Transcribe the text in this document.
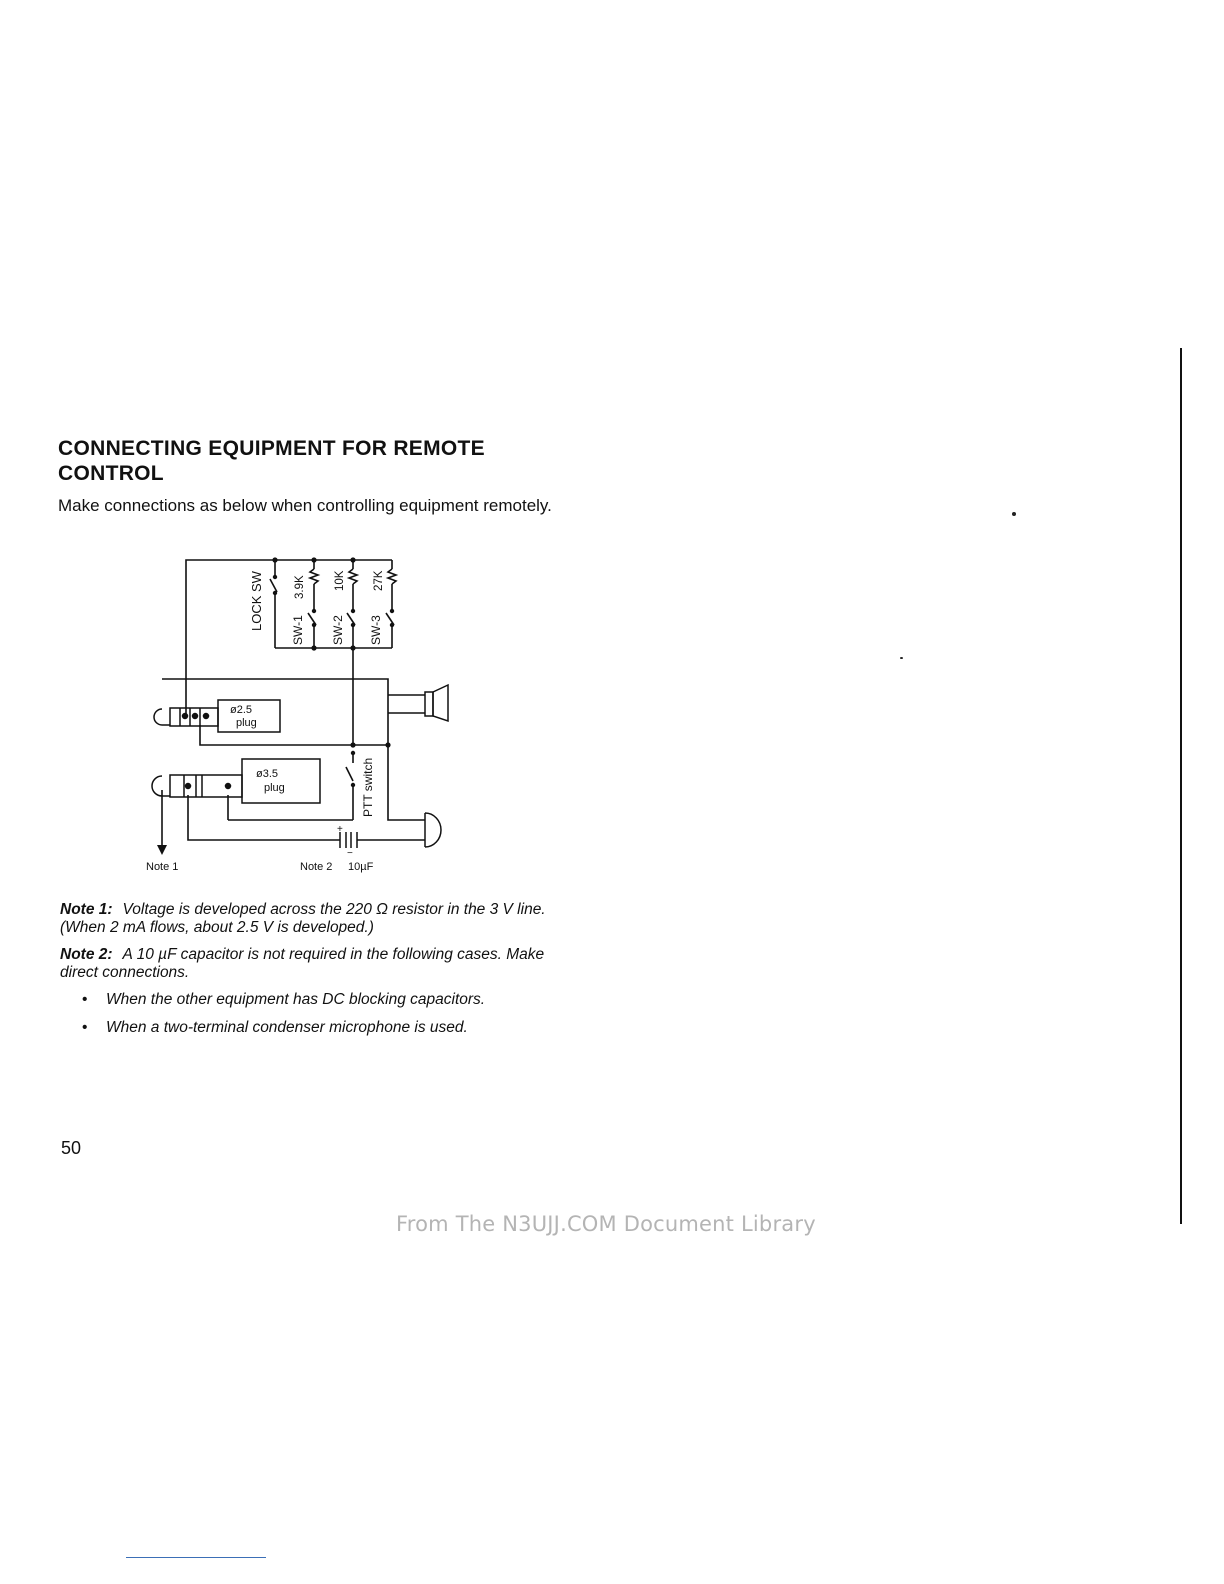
CONNECTING EQUIPMENT FOR REMOTE CONTROL

Make connections as below when controlling equipment remotely.

ø2.5
plug
ø3.5
plug
+
−
LOCK SW	3.9K 10K 27K
SW-1 SW-2 SW-3
PTT switch
Note 1	Note 2 10µF

Note 1: Voltage is developed across the 220 Ω resistor in the 3 V line. (When 2 mA flows, about 2.5 V is developed.)

Note 2: A 10 µF capacitor is not required in the following cases. Make direct connections.

• When the other equipment has DC blocking capacitors.

• When a two-terminal condenser microphone is used.

50

From The N3UJJ.COM Document Library
